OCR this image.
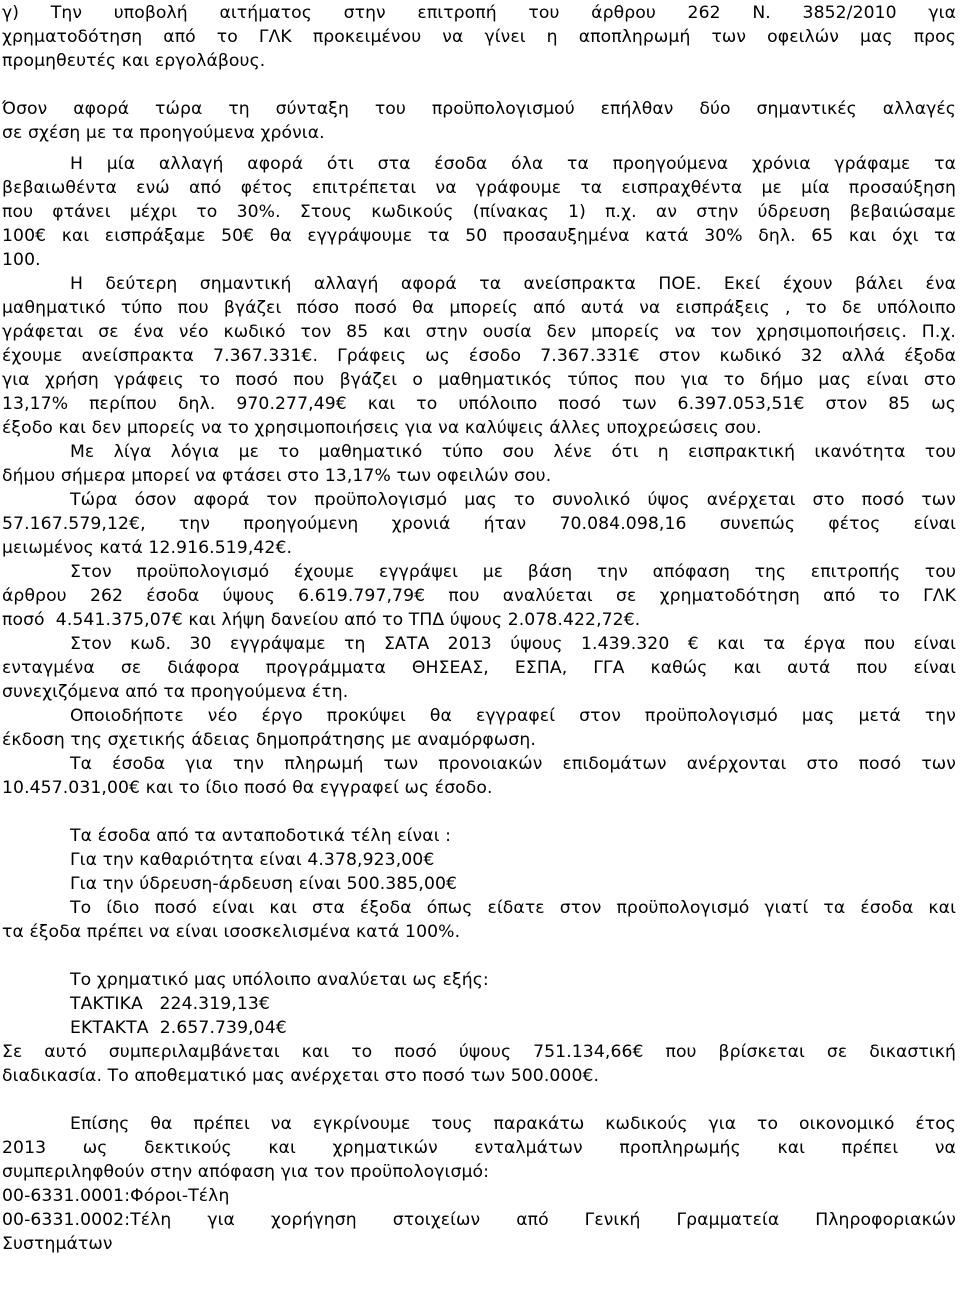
γ) Την υποβολή αιτήματος στην επιτροπή του άρθρου 262 Ν. 3852/2010 για

χρηματοδότηση από το ΓΛΚ προκειμένου να γίνει η αποπληρωμή των οφειλών μας προς

προμηθευτές και εργολάβους.

Όσον αφορά τώρα τη σύνταξη του προϋπολογισμού επήλθαν δύο σημαντικές αλλαγές

σε σχέση με τα προηγούμενα χρόνια.

Η μία αλλαγή αφορά ότι στα έσοδα όλα τα προηγούμενα χρόνια γράφαμε τα

βεβαιωθέντα ενώ από φέτος επιτρέπεται να γράφουμε τα εισπραχθέντα με μία προσαύξηση

που φτάνει μέχρι το 30%. Στους κωδικούς (πίνακας 1) π.χ. αν στην ύδρευση βεβαιώσαμε

100€ και εισπράξαμε 50€ θα εγγράψουμε τα 50 προσαυξημένα κατά 30% δηλ. 65 και όχι τα

100.

Η δεύτερη σημαντική αλλαγή αφορά τα ανείσπρακτα ΠΟΕ. Εκεί έχουν βάλει ένα

μαθηματικό τύπο που βγάζει πόσο ποσό θα μπορείς από αυτά να εισπράξεις , το δε υπόλοιπο

γράφεται σε ένα νέο κωδικό τον 85 και στην ουσία δεν μπορείς να τον χρησιμοποιήσεις. Π.χ.

έχουμε ανείσπρακτα 7.367.331€. Γράφεις ως έσοδο 7.367.331€ στον κωδικό 32 αλλά έξοδα

για χρήση γράφεις το ποσό που βγάζει ο μαθηματικός τύπος που για το δήμο μας είναι στο

13,17% περίπου δηλ. 970.277,49€ και το υπόλοιπο ποσό των 6.397.053,51€ στον 85 ως

έξοδο και δεν μπορείς να το χρησιμοποιήσεις για να καλύψεις άλλες υποχρεώσεις σου.

Με λίγα λόγια με το μαθηματικό τύπο σου λένε ότι η εισπρακτική ικανότητα του

δήμου σήμερα μπορεί να φτάσει στο 13,17% των οφειλών σου.

Τώρα όσον αφορά τον προϋπολογισμό μας το συνολικό ύψος ανέρχεται στο ποσό των

57.167.579,12€, την προηγούμενη χρονιά ήταν 70.084.098,16 συνεπώς φέτος είναι

μειωμένος κατά 12.916.519,42€.

Στον προϋπολογισμό έχουμε εγγράψει με βάση την απόφαση της επιτροπής του

άρθρου 262 έσοδα ύψους 6.619.797,79€ που αναλύεται σε χρηματοδότηση από το ΓΛΚ

ποσό  4.541.375,07€ και λήψη δανείου από το ΤΠΔ ύψους 2.078.422,72€.

Στον κωδ. 30 εγγράψαμε τη ΣΑΤΑ 2013 ύψους 1.439.320 € και τα έργα που είναι

ενταγμένα σε διάφορα προγράμματα ΘΗΣΕΑΣ, ΕΣΠΑ, ΓΓΑ καθώς και αυτά που είναι

συνεχιζόμενα από τα προηγούμενα έτη.

Οποιοδήποτε νέο έργο προκύψει θα εγγραφεί στον προϋπολογισμό μας μετά την

έκδοση της σχετικής άδειας δημοπράτησης με αναμόρφωση.

Τα έσοδα για την πληρωμή των προνοιακών επιδομάτων ανέρχονται στο ποσό των

10.457.031,00€ και το ίδιο ποσό θα εγγραφεί ως έσοδο.

Τα έσοδα από τα ανταποδοτικά τέλη είναι :

Για την καθαριότητα είναι 4.378,923,00€

Για την ύδρευση-άρδευση είναι 500.385,00€

Το ίδιο ποσό είναι και στα έξοδα όπως είδατε στον προϋπολογισμό γιατί τα έσοδα και

τα έξοδα πρέπει να είναι ισοσκελισμένα κατά 100%.

Το χρηματικό μας υπόλοιπο αναλύεται ως εξής:

ΤΑΚΤΙΚΑ   224.319,13€

ΕΚΤΑΚΤΑ  2.657.739,04€

Σε αυτό συμπεριλαμβάνεται και το ποσό ύψους 751.134,66€ που βρίσκεται σε δικαστική

διαδικασία. Το αποθεματικό μας ανέρχεται στο ποσό των 500.000€.

Επίσης θα πρέπει να εγκρίνουμε τους παρακάτω κωδικούς για το οικονομικό έτος

2013 ως δεκτικούς και χρηματικών ενταλμάτων προπληρωμής και πρέπει να

συμπεριληφθούν στην απόφαση για τον προϋπολογισμό:

00-6331.0001:Φόροι-Τέλη

00-6331.0002:Τέλη για χορήγηση στοιχείων από Γενική Γραμματεία Πληροφοριακών

Συστημάτων
